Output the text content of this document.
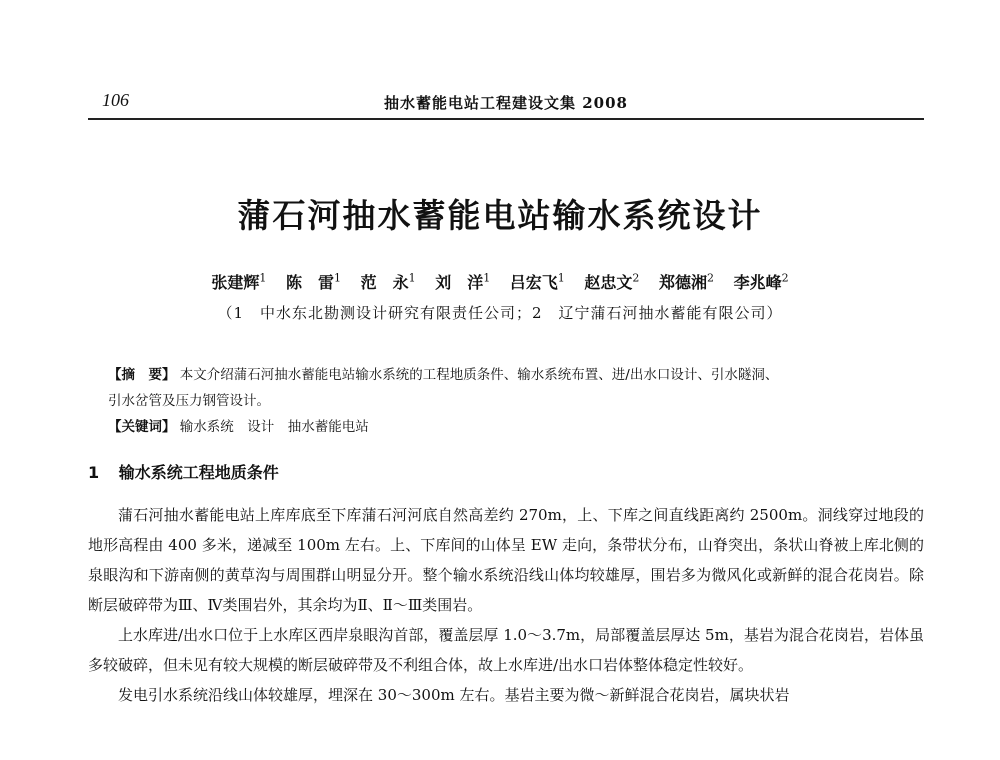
106	抽水蓄能电站工程建设文集 2008
蒲石河抽水蓄能电站输水系统设计
张建辉$^1$ 陈　雷$^1$ 范　永$^1$ 刘　洋$^1$ 吕宏飞$^1$ 赵忠文$^2$ 郑德湘$^2$ 李兆峰$^2$
（1　中水东北勘测设计研究有限责任公司；2　辽宁蒲石河抽水蓄能有限公司）
【摘　要】 本文介绍蒲石河抽水蓄能电站输水系统的工程地质条件、输水系统布置、进/出水口设计、引水隧洞、
引水岔管及压力钢管设计。
【关键词】 输水系统　设计　抽水蓄能电站
1 输水系统工程地质条件

蒲石河抽水蓄能电站上库库底至下库蒲石河河底自然高差约 270m，上、下库之间直线距离约 2500m。洞线穿过地段的地形高程由 400 多米，递减至 100m 左右。上、下库间的山体呈 EW 走向，条带状分布，山脊突出，条状山脊被上库北侧的泉眼沟和下游南侧的黄草沟与周围群山明显分开。整个输水系统沿线山体均较雄厚，围岩多为微风化或新鲜的混合花岗岩。除断层破碎带为Ⅲ、Ⅳ类围岩外，其余均为Ⅱ、Ⅱ～Ⅲ类围岩。

上水库进/出水口位于上水库区西岸泉眼沟首部，覆盖层厚 1.0～3.7m，局部覆盖层厚达 5m，基岩为混合花岗岩，岩体虽多较破碎，但未见有较大规模的断层破碎带及不利组合体，故上水库进/出水口岩体整体稳定性较好。

发电引水系统沿线山体较雄厚，埋深在 30～300m 左右。基岩主要为微～新鲜混合花岗岩，属块状岩
